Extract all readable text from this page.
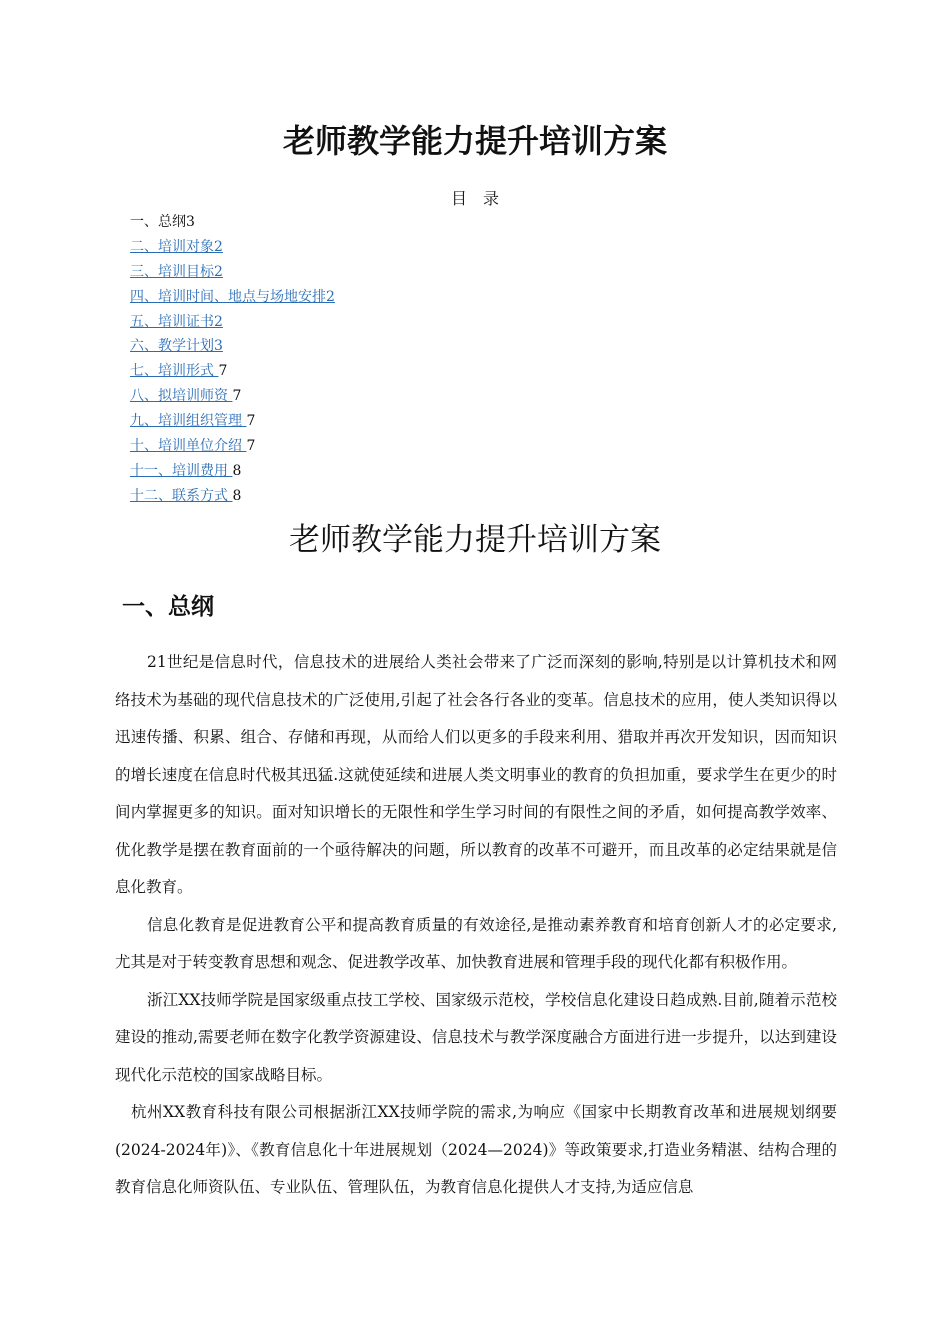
老师教学能力提升培训方案
目　录
一、总纲3
二、培训对象2
三、培训目标2
四、培训时间、地点与场地安排2
五、培训证书2
六、教学计划3
七、培训形式 7
八、拟培训师资 7
九、培训组织管理 7
十、培训单位介绍 7
十一、培训费用 8
十二、联系方式 8
老师教学能力提升培训方案
一、总纲

21世纪是信息时代，信息技术的进展给人类社会带来了广泛而深刻的影响,特别是以计算机技术和网络技术为基础的现代信息技术的广泛使用,引起了社会各行各业的变革。信息技术的应用，使人类知识得以迅速传播、积累、组合、存储和再现，从而给人们以更多的手段来利用、猎取并再次开发知识，因而知识的增长速度在信息时代极其迅猛.这就使延续和进展人类文明事业的教育的负担加重，要求学生在更少的时间内掌握更多的知识。面对知识增长的无限性和学生学习时间的有限性之间的矛盾，如何提高教学效率、优化教学是摆在教育面前的一个亟待解决的问题，所以教育的改革不可避开，而且改革的必定结果就是信息化教育。

信息化教育是促进教育公平和提高教育质量的有效途径,是推动素养教育和培育创新人才的必定要求,尤其是对于转变教育思想和观念、促进教学改革、加快教育进展和管理手段的现代化都有积极作用。

浙江XX技师学院是国家级重点技工学校、国家级示范校，学校信息化建设日趋成熟.目前,随着示范校建设的推动,需要老师在数字化教学资源建设、信息技术与教学深度融合方面进行进一步提升，以达到建设现代化示范校的国家战略目标。

杭州XX教育科技有限公司根据浙江XX技师学院的需求,为响应《国家中长期教育改革和进展规划纲要(2024-2024年)》、《教育信息化十年进展规划（2024—2024)》等政策要求,打造业务精湛、结构合理的教育信息化师资队伍、专业队伍、管理队伍，为教育信息化提供人才支持,为适应信息
